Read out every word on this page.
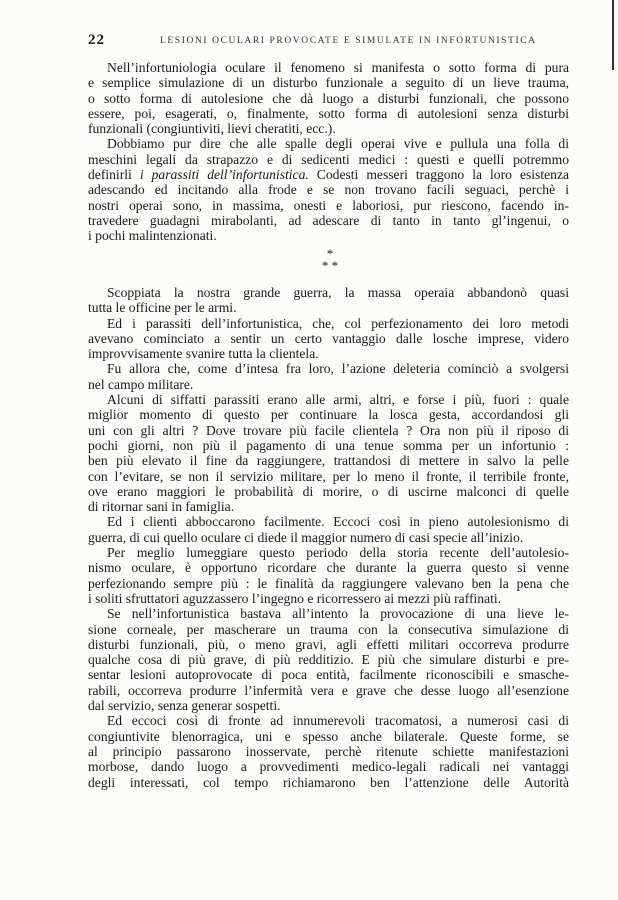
22	LESIONI OCULARI PROVOCATE E SIMULATE IN INFORTUNISTICA
Nell’infortuniologia oculare il fenomeno si manifesta o sotto forma di pura
e semplice simulazione di un disturbo funzionale a seguito di un lieve trauma,
o sotto forma di autolesione che dà luogo a disturbi funzionali, che possono
essere, poi, esagerati, o, finalmente, sotto forma di autolesioni senza disturbi
funzionali (congiuntiviti, lievi cheratiti, ecc.).
Dobbiamo pur dire che alle spalle degli operai vive e pullula una folla di
meschini legali da strapazzo e di sedicenti medici : questi e quelli potremmo
definirli i parassiti dell’infortunistica. Codesti messeri traggono la loro esistenza
adescando ed incitando alla frode e se non trovano facili seguaci, perchè i
nostri operai sono, in massima, onesti e laboriosi, pur riescono, facendo in-
travedere guadagni mirabolanti, ad adescare di tanto in tanto gl’ingenui, o
i pochi malintenzionati.
*
* *
Scoppiata la nostra grande guerra, la massa operaia abbandonò quasi
tutta le officine per le armi.
Ed i parassiti dell’infortunistica, che, col perfezionamento dei loro metodi
avevano cominciato a sentir un certo vantaggio dalle losche imprese, videro
improvvisamente svanire tutta la clientela.
Fu allora che, come d’intesa fra loro, l’azione deleteria cominciò a svolgersi
nel campo militare.
Alcuni di siffatti parassiti erano alle armi, altri, e forse i più, fuori : quale
miglior momento di questo per continuare la losca gesta, accordandosi gli
uni con gli altri ? Dove trovare più facile clientela ? Ora non più il riposo di
pochi giorni, non più il pagamento di una tenue somma per un infortunio :
ben più elevato il fine da raggiungere, trattandosi di mettere in salvo la pelle
con l’evitare, se non il servizio militare, per lo meno il fronte, il terribile fronte,
ove erano maggiori le probabilità di morire, o di uscirne malconci di quelle
di ritornar sani in famiglia.
Ed i clienti abboccarono facilmente. Eccoci così in pieno autolesionismo di
guerra, di cui quello oculare ci diede il maggior numero di casi specie all’inizio.
Per meglio lumeggiare questo periodo della storia recente dell’autolesio-
nismo oculare, è opportuno ricordare che durante la guerra questo si venne
perfezionando sempre più : le finalità da raggiungere valevano ben la pena che
i soliti sfruttatori aguzzassero l’ingegno e ricorressero ai mezzi più raffinati.
Se nell’infortunistica bastava all’intento la provocazione di una lieve le-
sione corneale, per mascherare un trauma con la consecutiva simulazione di
disturbi funzionali, più, o meno gravi, agli effetti militari occorreva produrre
qualche cosa di più grave, di più redditizio. E più che simulare disturbi e pre-
sentar lesioni autoprovocate di poca entità, facilmente riconoscibili e smasche-
rabili, occorreva produrre l’infermità vera e grave che desse luogo all’esenzione
dal servizio, senza generar sospetti.
Ed eccoci così di fronte ad innumerevoli tracomatosi, a numerosi casi di
congiuntivite blenorragica, uni e spesso anche bilaterale. Queste forme, se
al principio passarono inosservate, perchè ritenute schiette manifestazioni
morbose, dando luogo a provvedimenti medico-legali radicali nei vantaggi
degli interessati, col tempo richiamarono ben l’attenzione delle Autorità
